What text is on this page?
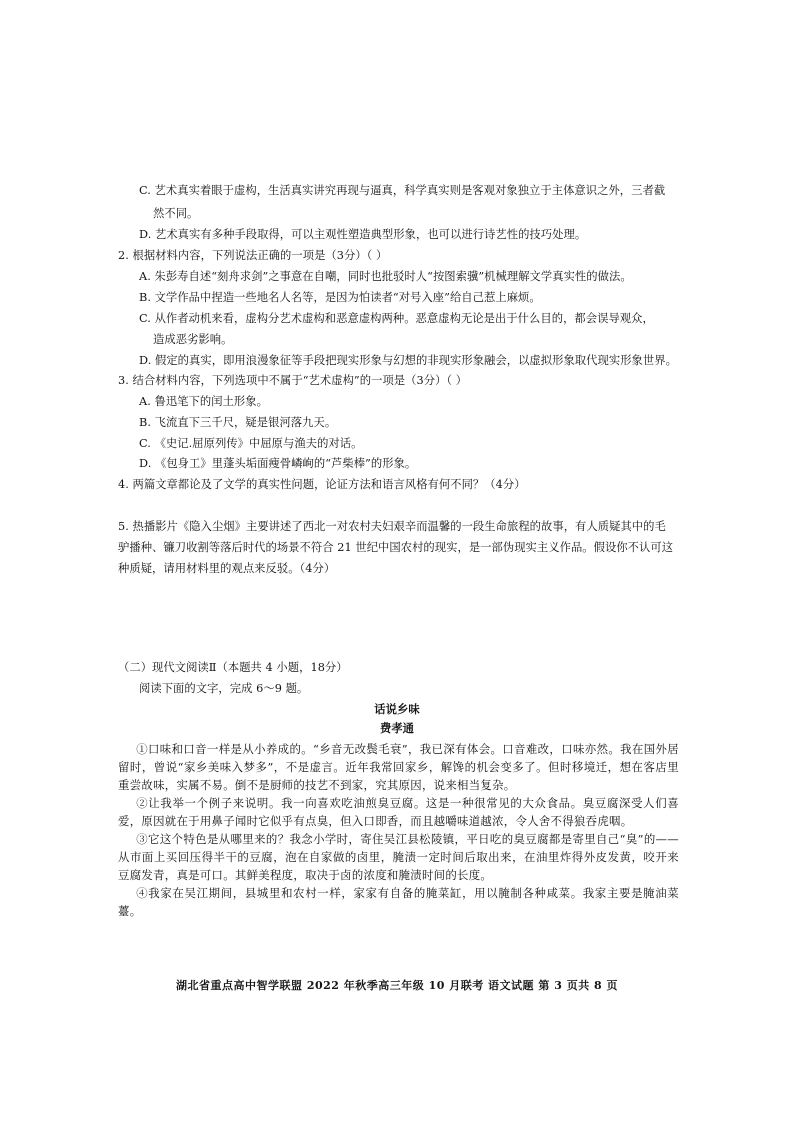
C. 艺术真实着眼于虚构，生活真实讲究再现与逼真，科学真实则是客观对象独立于主体意识之外，三者截
然不同。
D. 艺术真实有多种手段取得，可以主观性塑造典型形象，也可以进行诗艺性的技巧处理。
2. 根据材料内容，下列说法正确的一项是（3分）（ ）
A. 朱彭寿自述“刻舟求剑”之事意在自嘲，同时也批驳时人“按图索骥”机械理解文学真实性的做法。
B. 文学作品中捏造一些地名人名等，是因为怕读者“对号入座”给自己惹上麻烦。
C. 从作者动机来看，虚构分艺术虚构和恶意虚构两种。恶意虚构无论是出于什么目的，都会误导观众，
造成恶劣影响。
D. 假定的真实，即用浪漫象征等手段把现实形象与幻想的非现实形象融会，以虚拟形象取代现实形象世界。
3. 结合材料内容，下列选项中不属于“艺术虚构”的一项是（3分）（ ）
A. 鲁迅笔下的闰土形象。
B. 飞流直下三千尺，疑是银河落九天。
C. 《史记.屈原列传》中屈原与渔夫的对话。
D. 《包身工》里蓬头垢面瘦骨嶙峋的“芦柴棒”的形象。
4. 两篇文章都论及了文学的真实性问题，论证方法和语言风格有何不同？（4分）
5. 热播影片《隐入尘烟》主要讲述了西北一对农村夫妇艰辛而温馨的一段生命旅程的故事，有人质疑其中的毛
驴播种、镰刀收割等落后时代的场景不符合 21 世纪中国农村的现实，是一部伪现实主义作品。假设你不认可这
种质疑，请用材料里的观点来反驳。（4分）
（二）现代文阅读Ⅱ（本题共 4 小题，18分）
阅读下面的文字，完成 6～9 题。
话说乡味
费孝通

①口味和口音一样是从小养成的。“乡音无改鬓毛衰”，我已深有体会。口音难改，口味亦然。我在国外居留时，曾说“家乡美味入梦多”，不是虚言。近年我常回家乡，解馋的机会变多了。但时移境迁，想在客店里重尝故味，实属不易。倒不是厨师的技艺不到家，究其原因，说来相当复杂。

②让我举一个例子来说明。我一向喜欢吃油煎臭豆腐。这是一种很常见的大众食品。臭豆腐深受人们喜爱，原因就在于用鼻子闻时它似乎有点臭，但入口即香，而且越嚼味道越浓，令人舍不得狼吞虎咽。

③它这个特色是从哪里来的？我念小学时，寄住吴江县松陵镇，平日吃的臭豆腐都是寄里自己“臭”的——从市面上买回压得半干的豆腐，泡在自家做的卤里，腌渍一定时间后取出来，在油里炸得外皮发黄，咬开来豆腐发青，真是可口。其鲜美程度，取决于卤的浓度和腌渍时间的长度。

④我家在吴江期间，县城里和农村一样，家家有自备的腌菜缸，用以腌制各种咸菜。我家主要是腌油菜薹。

湖北省重点高中智学联盟 2022 年秋季高三年级 10 月联考 语文试题 第 3 页共 8 页
